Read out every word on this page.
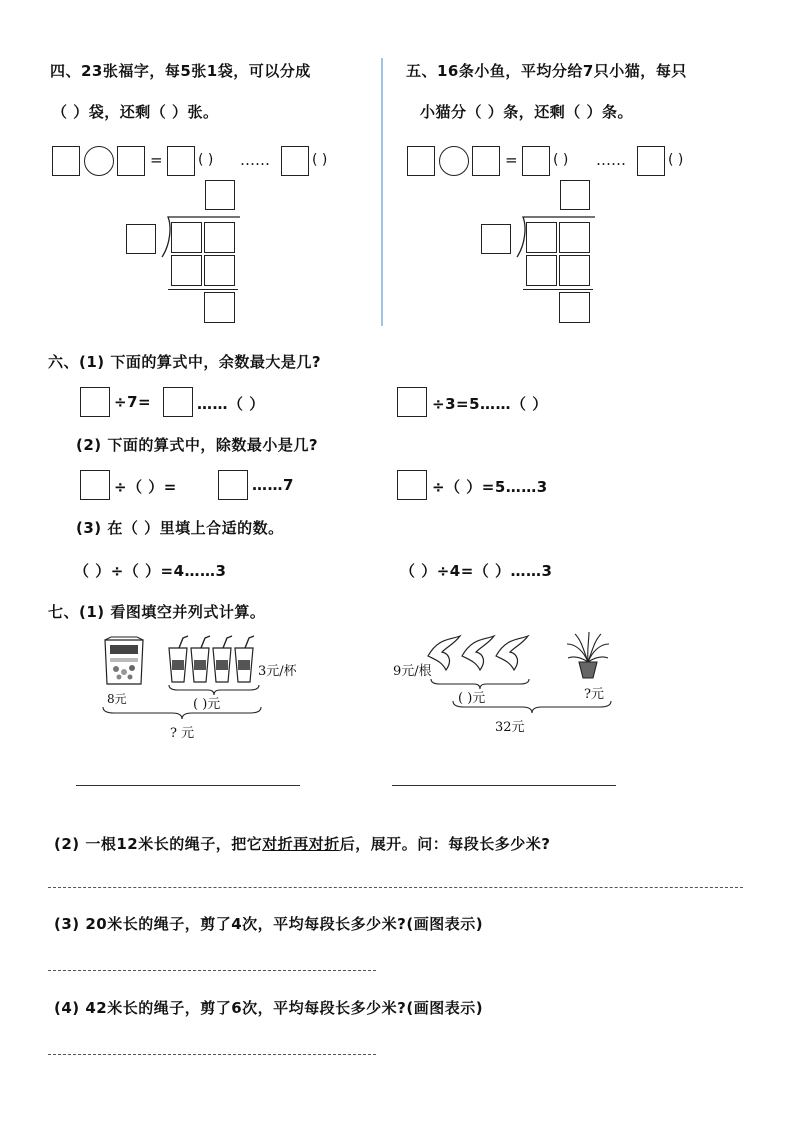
四、23张福字，每5张1袋，可以分成
（ ）袋，还剩（ ）张。
=	( ) ……	( )
五、16条小鱼，平均分给7只小猫，每只
小猫分（ ）条，还剩（ ）条。
=	( ) ……	( )
六、(1) 下面的算式中，余数最大是几?
÷7=	……（ ）	÷3=5……（ ）
(2) 下面的算式中，除数最小是几?
÷（ ）=	……7	÷（ ）=5……3
(3) 在（ ）里填上合适的数。
（ ）÷（ ）=4……3	（ ）÷4=（ ）……3
七、(1) 看图填空并列式计算。
3元/杯
8元	( )元
? 元
9元/根
( )元	?元
32元
(2) 一根12米长的绳子，把它对折再对折后，展开。问：每段长多少米?
(3) 20米长的绳子，剪了4次，平均每段长多少米?(画图表示)
(4) 42米长的绳子，剪了6次，平均每段长多少米?(画图表示)
